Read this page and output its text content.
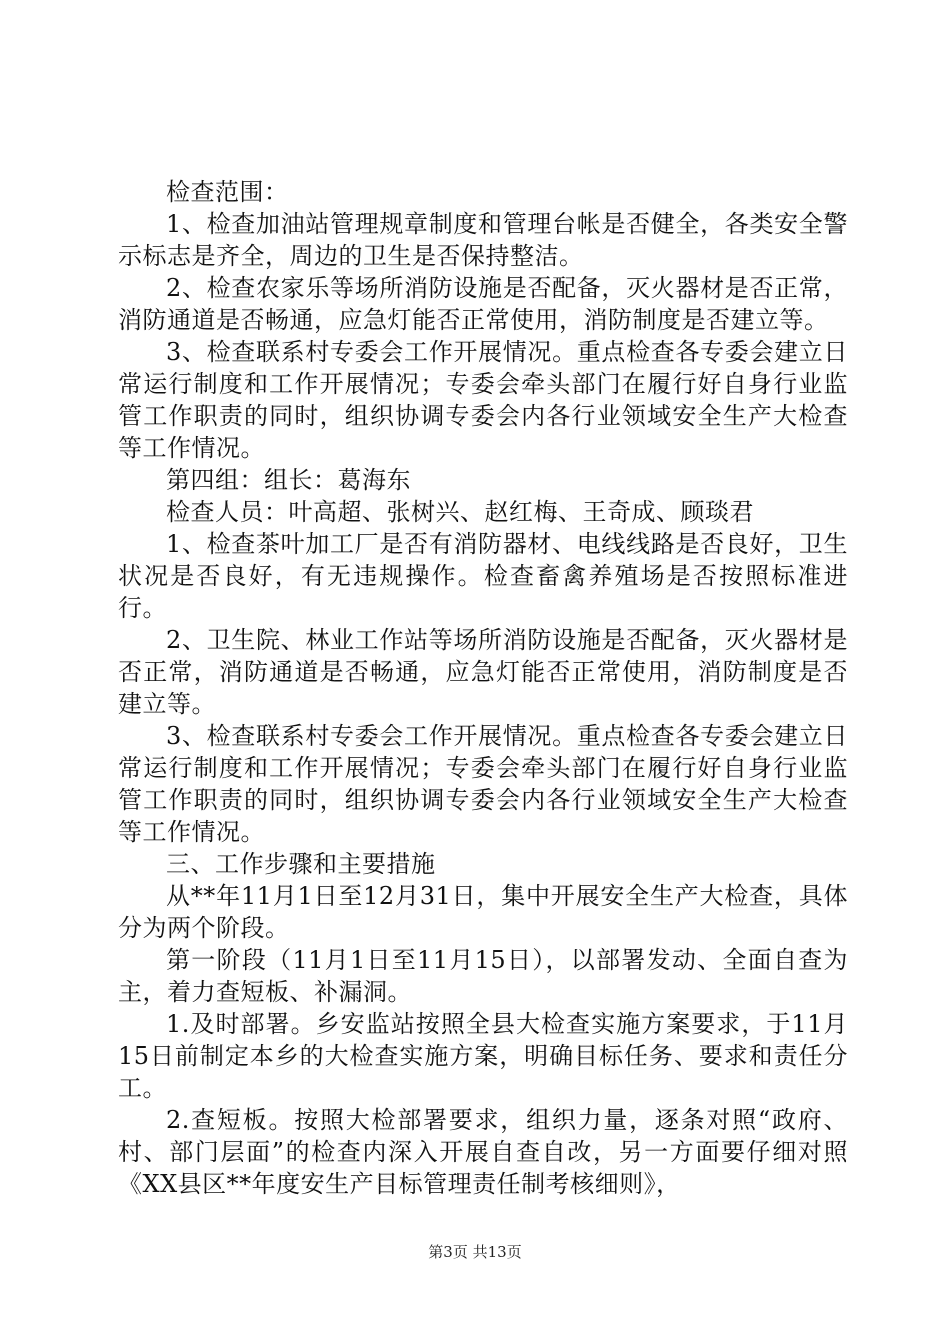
检查范围：

1、检查加油站管理规章制度和管理台帐是否健全，各类安全警示标志是齐全，周边的卫生是否保持整洁。

2、检查农家乐等场所消防设施是否配备，灭火器材是否正常，消防通道是否畅通，应急灯能否正常使用，消防制度是否建立等。

3、检查联系村专委会工作开展情况。重点检查各专委会建立日常运行制度和工作开展情况；专委会牵头部门在履行好自身行业监管工作职责的同时，组织协调专委会内各行业领域安全生产大检查等工作情况。

第四组：组长：葛海东

检查人员：叶高超、张树兴、赵红梅、王奇成、顾琰君

1、检查茶叶加工厂是否有消防器材、电线线路是否良好，卫生状况是否良好，有无违规操作。检查畜禽养殖场是否按照标准进行。

2、卫生院、林业工作站等场所消防设施是否配备，灭火器材是否正常，消防通道是否畅通，应急灯能否正常使用，消防制度是否建立等。

3、检查联系村专委会工作开展情况。重点检查各专委会建立日常运行制度和工作开展情况；专委会牵头部门在履行好自身行业监管工作职责的同时，组织协调专委会内各行业领域安全生产大检查等工作情况。

三、工作步骤和主要措施

从**年11月1日至12月31日，集中开展安全生产大检查，具体分为两个阶段。

第一阶段（11月1日至11月15日），以部署发动、全面自查为主，着力查短板、补漏洞。

1.及时部署。乡安监站按照全县大检查实施方案要求，于11月15日前制定本乡的大检查实施方案，明确目标任务、要求和责任分工。

2.查短板。按照大检部署要求，组织力量，逐条对照“政府、村、部门层面”的检查内深入开展自查自改，另一方面要仔细对照《XX县区**年度安生产目标管理责任制考核细则》，

第3页 共13页
